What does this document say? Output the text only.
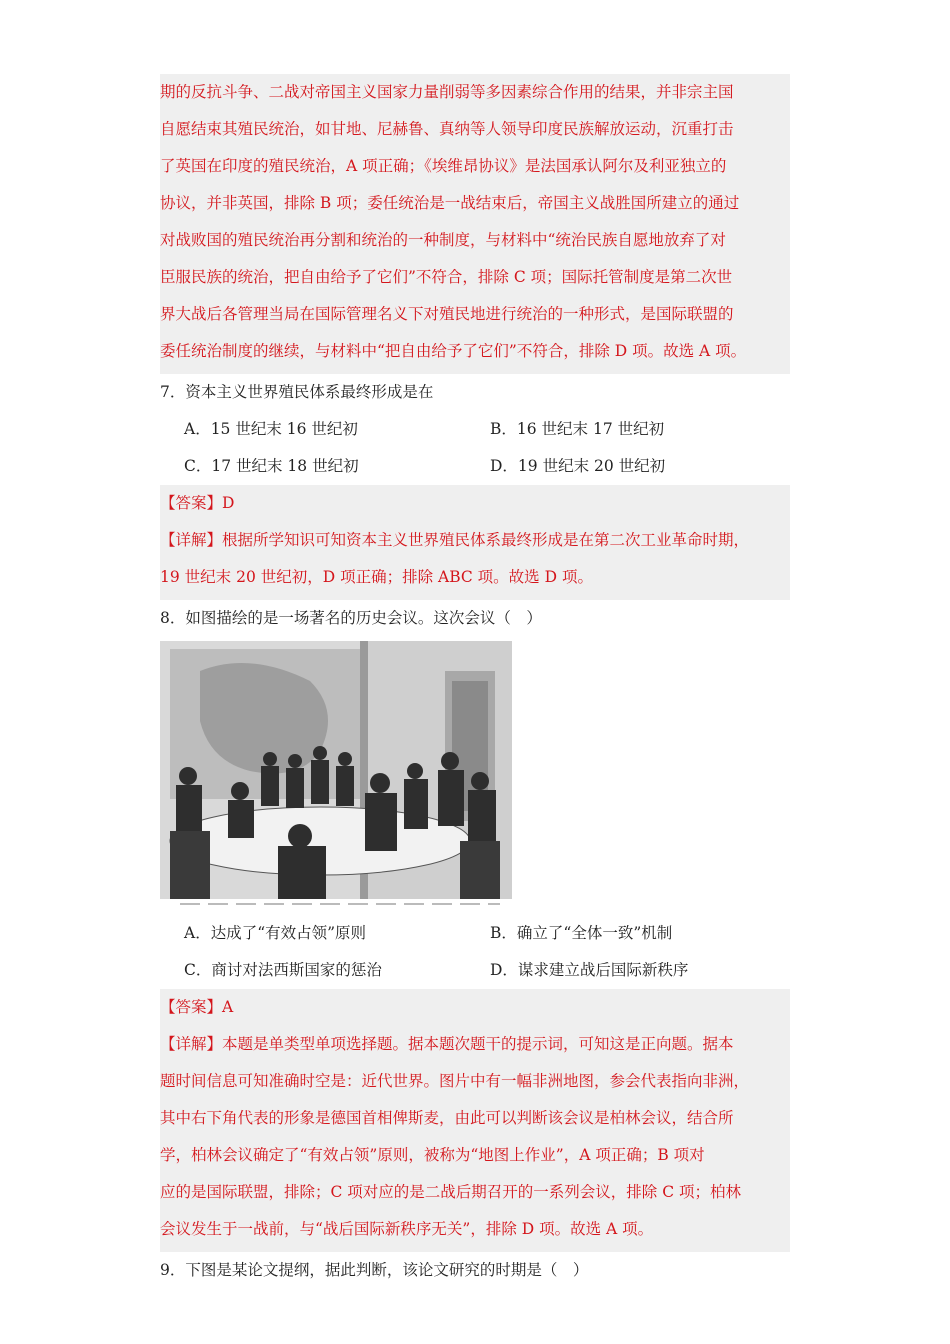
期的反抗斗争、二战对帝国主义国家力量削弱等多因素综合作用的结果，并非宗主国

自愿结束其殖民统治，如甘地、尼赫鲁、真纳等人领导印度民族解放运动，沉重打击

了英国在印度的殖民统治，A 项正确；《埃维昂协议》是法国承认阿尔及利亚独立的

协议，并非英国，排除 B 项；委任统治是一战结束后，帝国主义战胜国所建立的通过

对战败国的殖民统治再分割和统治的一种制度，与材料中“统治民族自愿地放弃了对

臣服民族的统治，把自由给予了它们”不符合，排除 C 项；国际托管制度是第二次世

界大战后各管理当局在国际管理名义下对殖民地进行统治的一种形式，是国际联盟的

委任统治制度的继续，与材料中“把自由给予了它们”不符合，排除 D 项。故选 A 项。

7．资本主义世界殖民体系最终形成是在

A．15 世纪末 16 世纪初	B．16 世纪末 17 世纪初
C．17 世纪末 18 世纪初	D．19 世纪末 20 世纪初

【答案】D

【详解】根据所学知识可知资本主义世界殖民体系最终形成是在第二次工业革命时期，

19 世纪末 20 世纪初，D 项正确；排除 ABC 项。故选 D 项。

8．如图描绘的是一场著名的历史会议。这次会议（　）

A．达成了“有效占领”原则	B．确立了“全体一致”机制
C．商讨对法西斯国家的惩治	D．谋求建立战后国际新秩序

【答案】A

【详解】本题是单类型单项选择题。据本题次题干的提示词，可知这是正向题。据本

题时间信息可知准确时空是：近代世界。图片中有一幅非洲地图，参会代表指向非洲，

其中右下角代表的形象是德国首相俾斯麦，由此可以判断该会议是柏林会议，结合所

学，柏林会议确定了“有效占领”原则，被称为“地图上作业”，A 项正确；B 项对

应的是国际联盟，排除；C 项对应的是二战后期召开的一系列会议，排除 C 项；柏林

会议发生于一战前，与“战后国际新秩序无关”，排除 D 项。故选 A 项。

9．下图是某论文提纲，据此判断，该论文研究的时期是（　）
